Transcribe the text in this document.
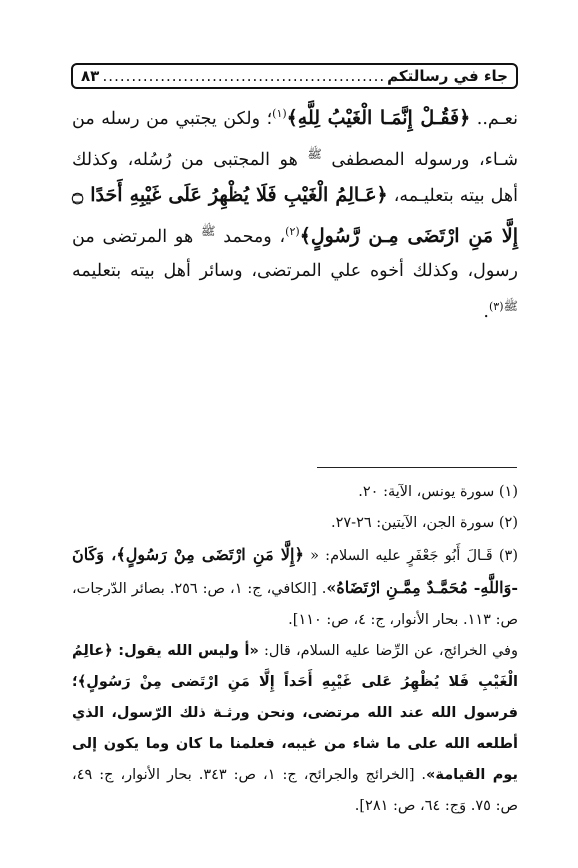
جاء في رسالتكم
.....
٨٣

نعـم.. ﴿فَقُـلْ إِنَّمَـا الْغَيْبُ لِلَّهِ﴾$^{(١)}$؛ ولكن يجتبي من رسله من شـاء، ورسوله المصطفى $^ﷺ$ هو المجتبى من رُسُله، وكذلك أهل بيته بتعليـمه، ﴿عَـالِمُ الْغَيْبِ فَلَا يُظْهِرُ عَلَى غَيْبِهِ أَحَدًا ۝ إِلَّا مَنِ ارْتَضَى مِـن رَّسُولٍ﴾$^{(٢)}$، ومحمد $^ﷺ$ هو المرتضى من رسول، وكذلك أخوه علي المرتضى، وسائر أهل بيته بتعليمه $^{ﷺ(٣)}$.

(١) سورة يونس، الآية: ٢٠.

(٢) سورة الجن، الآيتين: ٢٦-٢٧.

(٣) قَـالَ أَبُو جَعْفَرٍ عليه السلام: « ﴿إِلَّا مَنِ ارْتَضَى مِنْ رَسُولٍ﴾، وَكَانَ -وَاللَّهِ- مُحَمَّـدٌ مِمَّـنِ ارْتَضَاهُ». [الكافي، ج: ١، ص: ٢٥٦. بصائر الدّرجات، ص: ١١٣. بحار الأنوار، ج: ٤، ص: ١١٠].

وفي الخرائج، عن الرِّضا عليه السلام، قال: «أ وليس الله يقول: ﴿عالِمُ الْغَيْبِ فَلا يُظْهِرُ عَلى غَيْبِهِ أَحَداً إِلَّا مَنِ ارْتَضى مِنْ رَسُولٍ﴾؛ فرسول الله عند الله مرتضى، ونحن ورثـة ذلك الرّسول، الذي أطلعه الله على ما شاء من غيبه، فعلمنا ما كان وما يكون إلى يوم القيامة». [الخرائج والجرائح، ج: ١، ص: ٣٤٣. بحار الأنوار، ج: ٤٩، ص: ٧٥. وَج: ٦٤، ص: ٢٨١].
